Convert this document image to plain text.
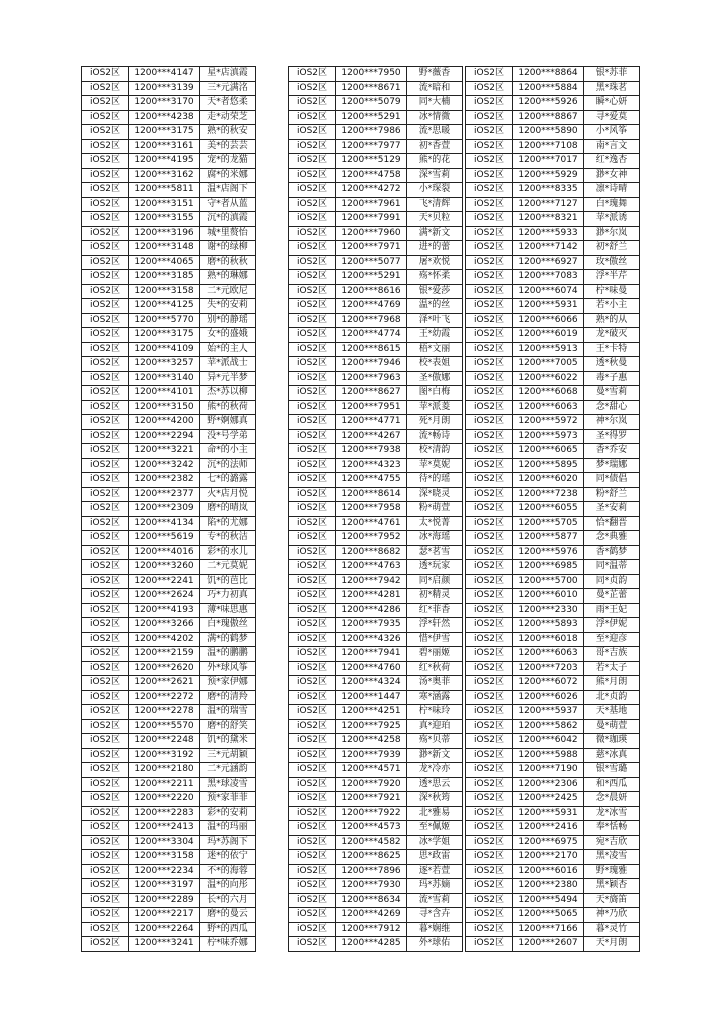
iOS2区	1200***4147	星*店滇霞
iOS2区	1200***3139	三*元满洺
iOS2区	1200***3170	天*者悠柔
iOS2区	1200***4238	走*动荣芝
iOS2区	1200***3175	熟*的秋安
iOS2区	1200***3161	美*的芸芸
iOS2区	1200***4195	宠*的龙猫
iOS2区	1200***3162	腐*的米娜
iOS2区	1200***5811	温*店阁下
iOS2区	1200***3151	守*者从蓝
iOS2区	1200***3155	沉*的滇霞
iOS2区	1200***3196	城*里赘怡
iOS2区	1200***3148	谢*的绿柳
iOS2区	1200***4065	磨*的秋秋
iOS2区	1200***3185	熟*的琳娜
iOS2区	1200***3158	二*元欧尼
iOS2区	1200***4125	失*的安莉
iOS2区	1200***5770	别*的静瑶
iOS2区	1200***3175	女*的盛娥
iOS2区	1200***4109	始*的主人
iOS2区	1200***3257	苹*派战士
iOS2区	1200***3140	异*元半梦
iOS2区	1200***4101	杰*苏以柳
iOS2区	1200***3150	熊*的秋荷
iOS2区	1200***4200	野*婀娜真
iOS2区	1200***2294	没*号学弟
iOS2区	1200***3221	命*的小主
iOS2区	1200***3242	沉*的法师
iOS2区	1200***2382	七*的潞露
iOS2区	1200***2377	火*店月悦
iOS2区	1200***2309	磨*的晴岚
iOS2区	1200***4134	陷*的尤娜
iOS2区	1200***5619	专*的秋洁
iOS2区	1200***4016	彩*的水儿
iOS2区	1200***3260	二*元莫妮
iOS2区	1200***2241	饥*的芭比
iOS2区	1200***2624	巧*力初真
iOS2区	1200***4193	薄*味思惠
iOS2区	1200***3266	白*瑰傲丝
iOS2区	1200***4202	满*的鹤梦
iOS2区	1200***2159	温*的鹏鹏
iOS2区	1200***2620	外*球风筝
iOS2区	1200***2621	预*家伊娜
iOS2区	1200***2272	磨*的清羚
iOS2区	1200***2278	温*的瑞雪
iOS2区	1200***5570	磨*的舒笑
iOS2区	1200***2248	饥*的黛米
iOS2区	1200***3192	三*元胡颖
iOS2区	1200***2180	二*元涵韵
iOS2区	1200***2211	黑*球凌雪
iOS2区	1200***2220	预*家菲菲
iOS2区	1200***2283	彩*的安莉
iOS2区	1200***2413	温*的玛丽
iOS2区	1200***3304	玛*苏阁下
iOS2区	1200***3158	迷*的依宁
iOS2区	1200***2234	不*的海蓉
iOS2区	1200***3197	温*的向彤
iOS2区	1200***2289	长*的六月
iOS2区	1200***2217	磨*的曼云
iOS2区	1200***2264	野*的西瓜
iOS2区	1200***3241	柠*味乔娜
iOS2区	1200***7950	野*薇香
iOS2区	1200***8671	流*暗和
iOS2区	1200***5079	同*大楠
iOS2区	1200***5291	冰*情微
iOS2区	1200***7986	流*思暖
iOS2区	1200***7977	初*香萱
iOS2区	1200***5129	熊*的花
iOS2区	1200***4758	深*雪莉
iOS2区	1200***4272	小*琛裂
iOS2区	1200***7961	飞*清辉
iOS2区	1200***7991	天*贝粒
iOS2区	1200***7960	满*新文
iOS2区	1200***7971	进*的蕾
iOS2区	1200***5077	屠*欢悦
iOS2区	1200***5291	殇*怀柔
iOS2区	1200***8616	银*爱莎
iOS2区	1200***4769	温*的丝
iOS2区	1200***7968	泽*叶飞
iOS2区	1200***4774	王*幼霞
iOS2区	1200***8615	梧*文丽
iOS2区	1200***7946	校*表姐
iOS2区	1200***7963	圣*傲娜
iOS2区	1200***8627	图*白梅
iOS2区	1200***7951	苹*派菱
iOS2区	1200***4771	死*月朗
iOS2区	1200***4267	流*畅诗
iOS2区	1200***7938	校*清韵
iOS2区	1200***4323	苹*莫妮
iOS2区	1200***4755	待*的瑶
iOS2区	1200***8614	深*晓灵
iOS2区	1200***7958	粉*萌萱
iOS2区	1200***4761	太*悦菁
iOS2区	1200***7952	冰*海瑶
iOS2区	1200***8682	瑟*茗雪
iOS2区	1200***4763	透*玩家
iOS2区	1200***7942	同*启颜
iOS2区	1200***4281	初*精灵
iOS2区	1200***4286	红*菲香
iOS2区	1200***7935	浮*轩然
iOS2区	1200***4326	惜*伊雪
iOS2区	1200***7941	碧*丽姬
iOS2区	1200***4760	红*秋荷
iOS2区	1200***4324	汤*奥菲
iOS2区	1200***1447	寒*涵露
iOS2区	1200***4251	柠*味玲
iOS2区	1200***7925	真*迎珀
iOS2区	1200***4258	殇*贝蒂
iOS2区	1200***7939	渺*新文
iOS2区	1200***4571	龙*冷亦
iOS2区	1200***7920	透*思云
iOS2区	1200***7921	深*秋筠
iOS2区	1200***7922	北*雅易
iOS2区	1200***4573	至*佩姬
iOS2区	1200***4582	冰*学姐
iOS2区	1200***8625	思*政雷
iOS2区	1200***7896	逐*若萱
iOS2区	1200***7930	玛*苏嫡
iOS2区	1200***8634	流*雪莉
iOS2区	1200***4269	寻*含卉
iOS2区	1200***7912	暮*娴维
iOS2区	1200***4285	外*球佑
iOS2区	1200***8864	银*苏菲
iOS2区	1200***5884	黑*珠茗
iOS2区	1200***5926	瞬*心妍
iOS2区	1200***8867	寻*爱莫
iOS2区	1200***5890	小*风筝
iOS2区	1200***7108	南*言文
iOS2区	1200***7017	红*逸杏
iOS2区	1200***5929	渺*女神
iOS2区	1200***8335	凛*诗晴
iOS2区	1200***7127	白*瑰舞
iOS2区	1200***8321	苹*派诱
iOS2区	1200***5933	渺*尔岚
iOS2区	1200***7142	初*舒兰
iOS2区	1200***6927	玫*傲丝
iOS2区	1200***7083	浮*半芹
iOS2区	1200***6074	柠*味曼
iOS2区	1200***5931	若*小主
iOS2区	1200***6066	熟*的从
iOS2区	1200***6019	龙*破灭
iOS2区	1200***5913	王*卡特
iOS2区	1200***7005	透*秋曼
iOS2区	1200***6022	毒*子惠
iOS2区	1200***6068	曼*雪莉
iOS2区	1200***6063	念*甜心
iOS2区	1200***5972	神*尔岚
iOS2区	1200***5973	圣*得罗
iOS2区	1200***6065	香*乔安
iOS2区	1200***5895	梦*瑞娜
iOS2区	1200***6020	同*债倡
iOS2区	1200***7238	粉*舒兰
iOS2区	1200***6055	圣*安莉
iOS2区	1200***5705	恰*翻晋
iOS2区	1200***5877	念*典雅
iOS2区	1200***5976	香*鹤梦
iOS2区	1200***6985	同*温蒂
iOS2区	1200***5700	同*贞韵
iOS2区	1200***6010	曼*芷蕾
iOS2区	1200***2330	雨*王妃
iOS2区	1200***5893	浮*伊妮
iOS2区	1200***6018	至*迎彦
iOS2区	1200***6063	哥*吉族
iOS2区	1200***7203	若*太子
iOS2区	1200***6072	熊*月朗
iOS2区	1200***6026	北*贞韵
iOS2区	1200***5937	天*基地
iOS2区	1200***5862	曼*萌萱
iOS2区	1200***6042	微*珈瑛
iOS2区	1200***5988	慈*冰真
iOS2区	1200***7190	银*雪璐
iOS2区	1200***2306	和*西瓜
iOS2区	1200***2425	念*晨妍
iOS2区	1200***5931	龙*冰雪
iOS2区	1200***2416	奉*恬畅
iOS2区	1200***6975	宛*吉欣
iOS2区	1200***2170	黑*凌雪
iOS2区	1200***6016	野*瑰雅
iOS2区	1200***2380	黑*颖杏
iOS2区	1200***5494	天*旖笛
iOS2区	1200***5065	神*乃欣
iOS2区	1200***7166	暮*灵竹
iOS2区	1200***2607	天*月朗
